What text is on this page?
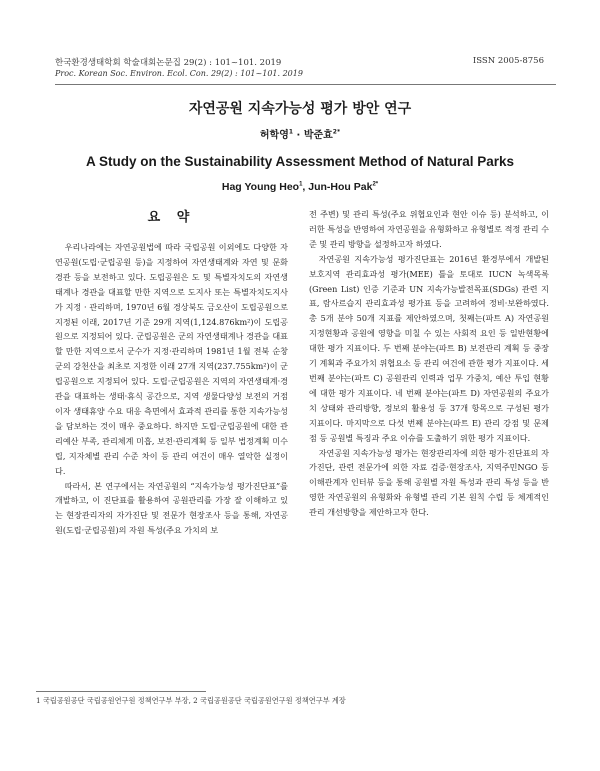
한국환경생태학회 학술대회논문집 29(2) : 101~101. 2019
Proc. Korean Soc. Environ. Ecol. Con. 29(2) : 101~101. 2019
ISSN 2005-8756
자연공원 지속가능성 평가 방안 연구
허학영$^1$ · 박준효$^{2*}$
A Study on the Sustainability Assessment Method of Natural Parks
Hag Young Heo$^1$, Jun-Hou Pak$^{2*}$
요 약

우리나라에는 자연공원법에 따라 국립공원 이외에도 다양한 자연공원(도립·군립공원 등)을 지정하여 자연생태계와 자연 및 문화 경관 등을 보전하고 있다. 도립공원은 도 및 특별자치도의 자연생태계나 경관을 대표할 만한 지역으로 도지사 또는 특별자치도지사가 지정 · 관리하며, 1970년 6월 경상북도 금오산이 도립공원으로 지정된 이래, 2017년 기준 29개 지역(1,124.876km²)이 도립공원으로 지정되어 있다. 군립공원은 군의 자연생태계나 경관을 대표할 만한 지역으로서 군수가 지정·관리하며 1981년 1월 전북 순창군의 강천산을 최초로 지정한 이래 27개 지역(237.755km²)이 군립공원으로 지정되어 있다. 도립·군립공원은 지역의 자연생태계·경관을 대표하는 생태·휴식 공간으로, 지역 생물다양성 보전의 거점이자 생태휴양 수요 대응 측면에서 효과적 관리를 통한 지속가능성을 담보하는 것이 매우 중요하다. 하지만 도립·군립공원에 대한 관리예산 부족, 관리체계 미흡, 보전·관리계획 등 일부 법정계획 미수립, 지자체별 관리 수준 차이 등 관리 여건이 매우 열악한 실정이다.

따라서, 본 연구에서는 자연공원의 “지속가능성 평가진단표”를 개발하고, 이 진단표를 활용하여 공원관리를 가장 잘 이해하고 있는 현장관리자의 자가진단 및 전문가 현장조사 등을 통해, 자연공원(도립·군립공원)의 자원 특성(주요 가치의 보

전 주변) 및 관리 특성(주요 위협요인과 현안 이슈 등) 분석하고, 이러한 특성을 반영하여 자연공원을 유형화하고 유형별로 적정 관리 수준 및 관리 방향을 설정하고자 하였다.

자연공원 지속가능성 평가진단표는 2016년 환경부에서 개발된 보호지역 관리효과성 평가(MEE) 틀을 토대로 IUCN 녹색목록(Green List) 인증 기준과 UN 지속가능발전목표(SDGs) 관련 지표, 람사르습지 관리효과성 평가표 등을 고려하여 정비·보완하였다. 총 5개 분야 50개 지표를 제안하였으며, 첫째는(파트 A) 자연공원 지정현황과 공원에 영향을 미칠 수 있는 사회적 요인 등 일반현황에 대한 평가 지표이다. 두 번째 분야는(파트 B) 보전관리 계획 등 중장기 계획과 주요가치 위협요소 등 관리 여건에 관한 평가 지표이다. 세 번째 분야는(파트 C) 공원관리 인력과 업무 가중치, 예산 투입 현황에 대한 평가 지표이다. 네 번째 분야는(파트 D) 자연공원의 주요가치 상태와 관리방향, 정보의 활용성 등 37개 항목으로 구성된 평가 지표이다. 마지막으로 다섯 번째 분야는(파트 E) 관리 강점 및 문제점 등 공원별 특징과 주요 이슈를 도출하기 위한 평가 지표이다.

자연공원 지속가능성 평가는 현장관리자에 의한 평가·진단표의 자가진단, 관련 전문가에 의한 자료 검증·현장조사, 지역주민NGO 등 이해관계자 인터뷰 등을 통해 공원별 자원 특성과 관리 특성 등을 반영한 자연공원의 유형화와 유형별 관리 기본 원칙 수립 등 체계적인 관리 개선방향을 제안하고자 한다.

1 국립공원공단 국립공원연구원 정책연구부 부장, 2 국립공원공단 국립공원연구원 정책연구부 계장
